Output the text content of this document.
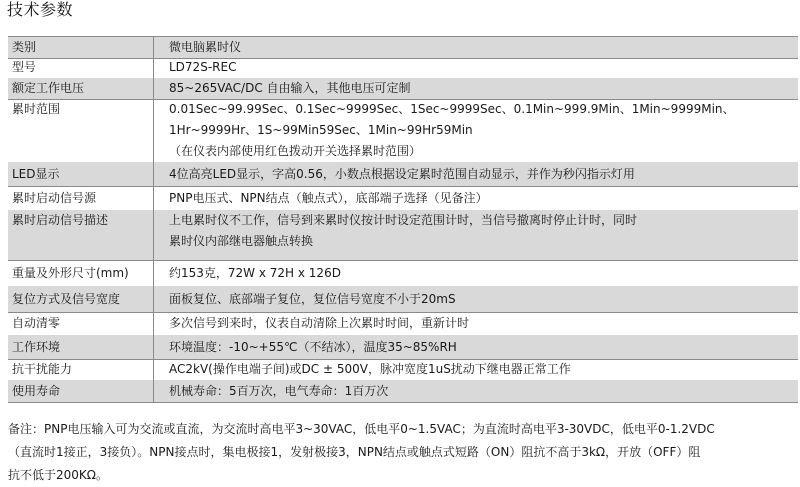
技术参数
类别	微电脑累时仪
型号	LD72S-REC
额定工作电压	85~265VAC/DC 自由输入，其他电压可定制
累时范围	0.01Sec~99.99Sec、0.1Sec~9999Sec、1Sec~9999Sec、0.1Min~999.9Min、1Min~9999Min、
1Hr~9999Hr、1S~99Min59Sec、1Min~99Hr59Min
（在仪表内部使用红色拨动开关选择累时范围）
LED显示	4位高亮LED显示，字高0.56，小数点根据设定累时范围自动显示，并作为秒闪指示灯用
累时启动信号源	PNP电压式、NPN结点（触点式），底部端子选择（见备注）
累时启动信号描述	上电累时仪不工作，信号到来累时仪按计时设定范围计时，当信号撤离时停止计时，同时
累时仪内部继电器触点转换
重量及外形尺寸(mm)	约153克，72W x 72H x 126D
复位方式及信号宽度	面板复位、底部端子复位，复位信号宽度不小于20mS
自动清零	多次信号到来时，仪表自动清除上次累时时间，重新计时
工作环境	环境温度：-10~+55℃（不结冰），温度35~85%RH
抗干扰能力	AC2kV(操作电端子间)或DC ± 500V，脉冲宽度1uS扰动下继电器正常工作
使用寿命	机械寿命：5百万次，电气寿命：1百万次
备注：PNP电压输入可为交流或直流，为交流时高电平3~30VAC，低电平0~1.5VAC；为直流时高电平3-30VDC，低电平0-1.2VDC
（直流时1接正，3接负）。NPN接点时，集电极接1，发射极接3，NPN结点或触点式短路（ON）阻抗不高于3kΩ，开放（OFF）阻
抗不低于200KΩ。
